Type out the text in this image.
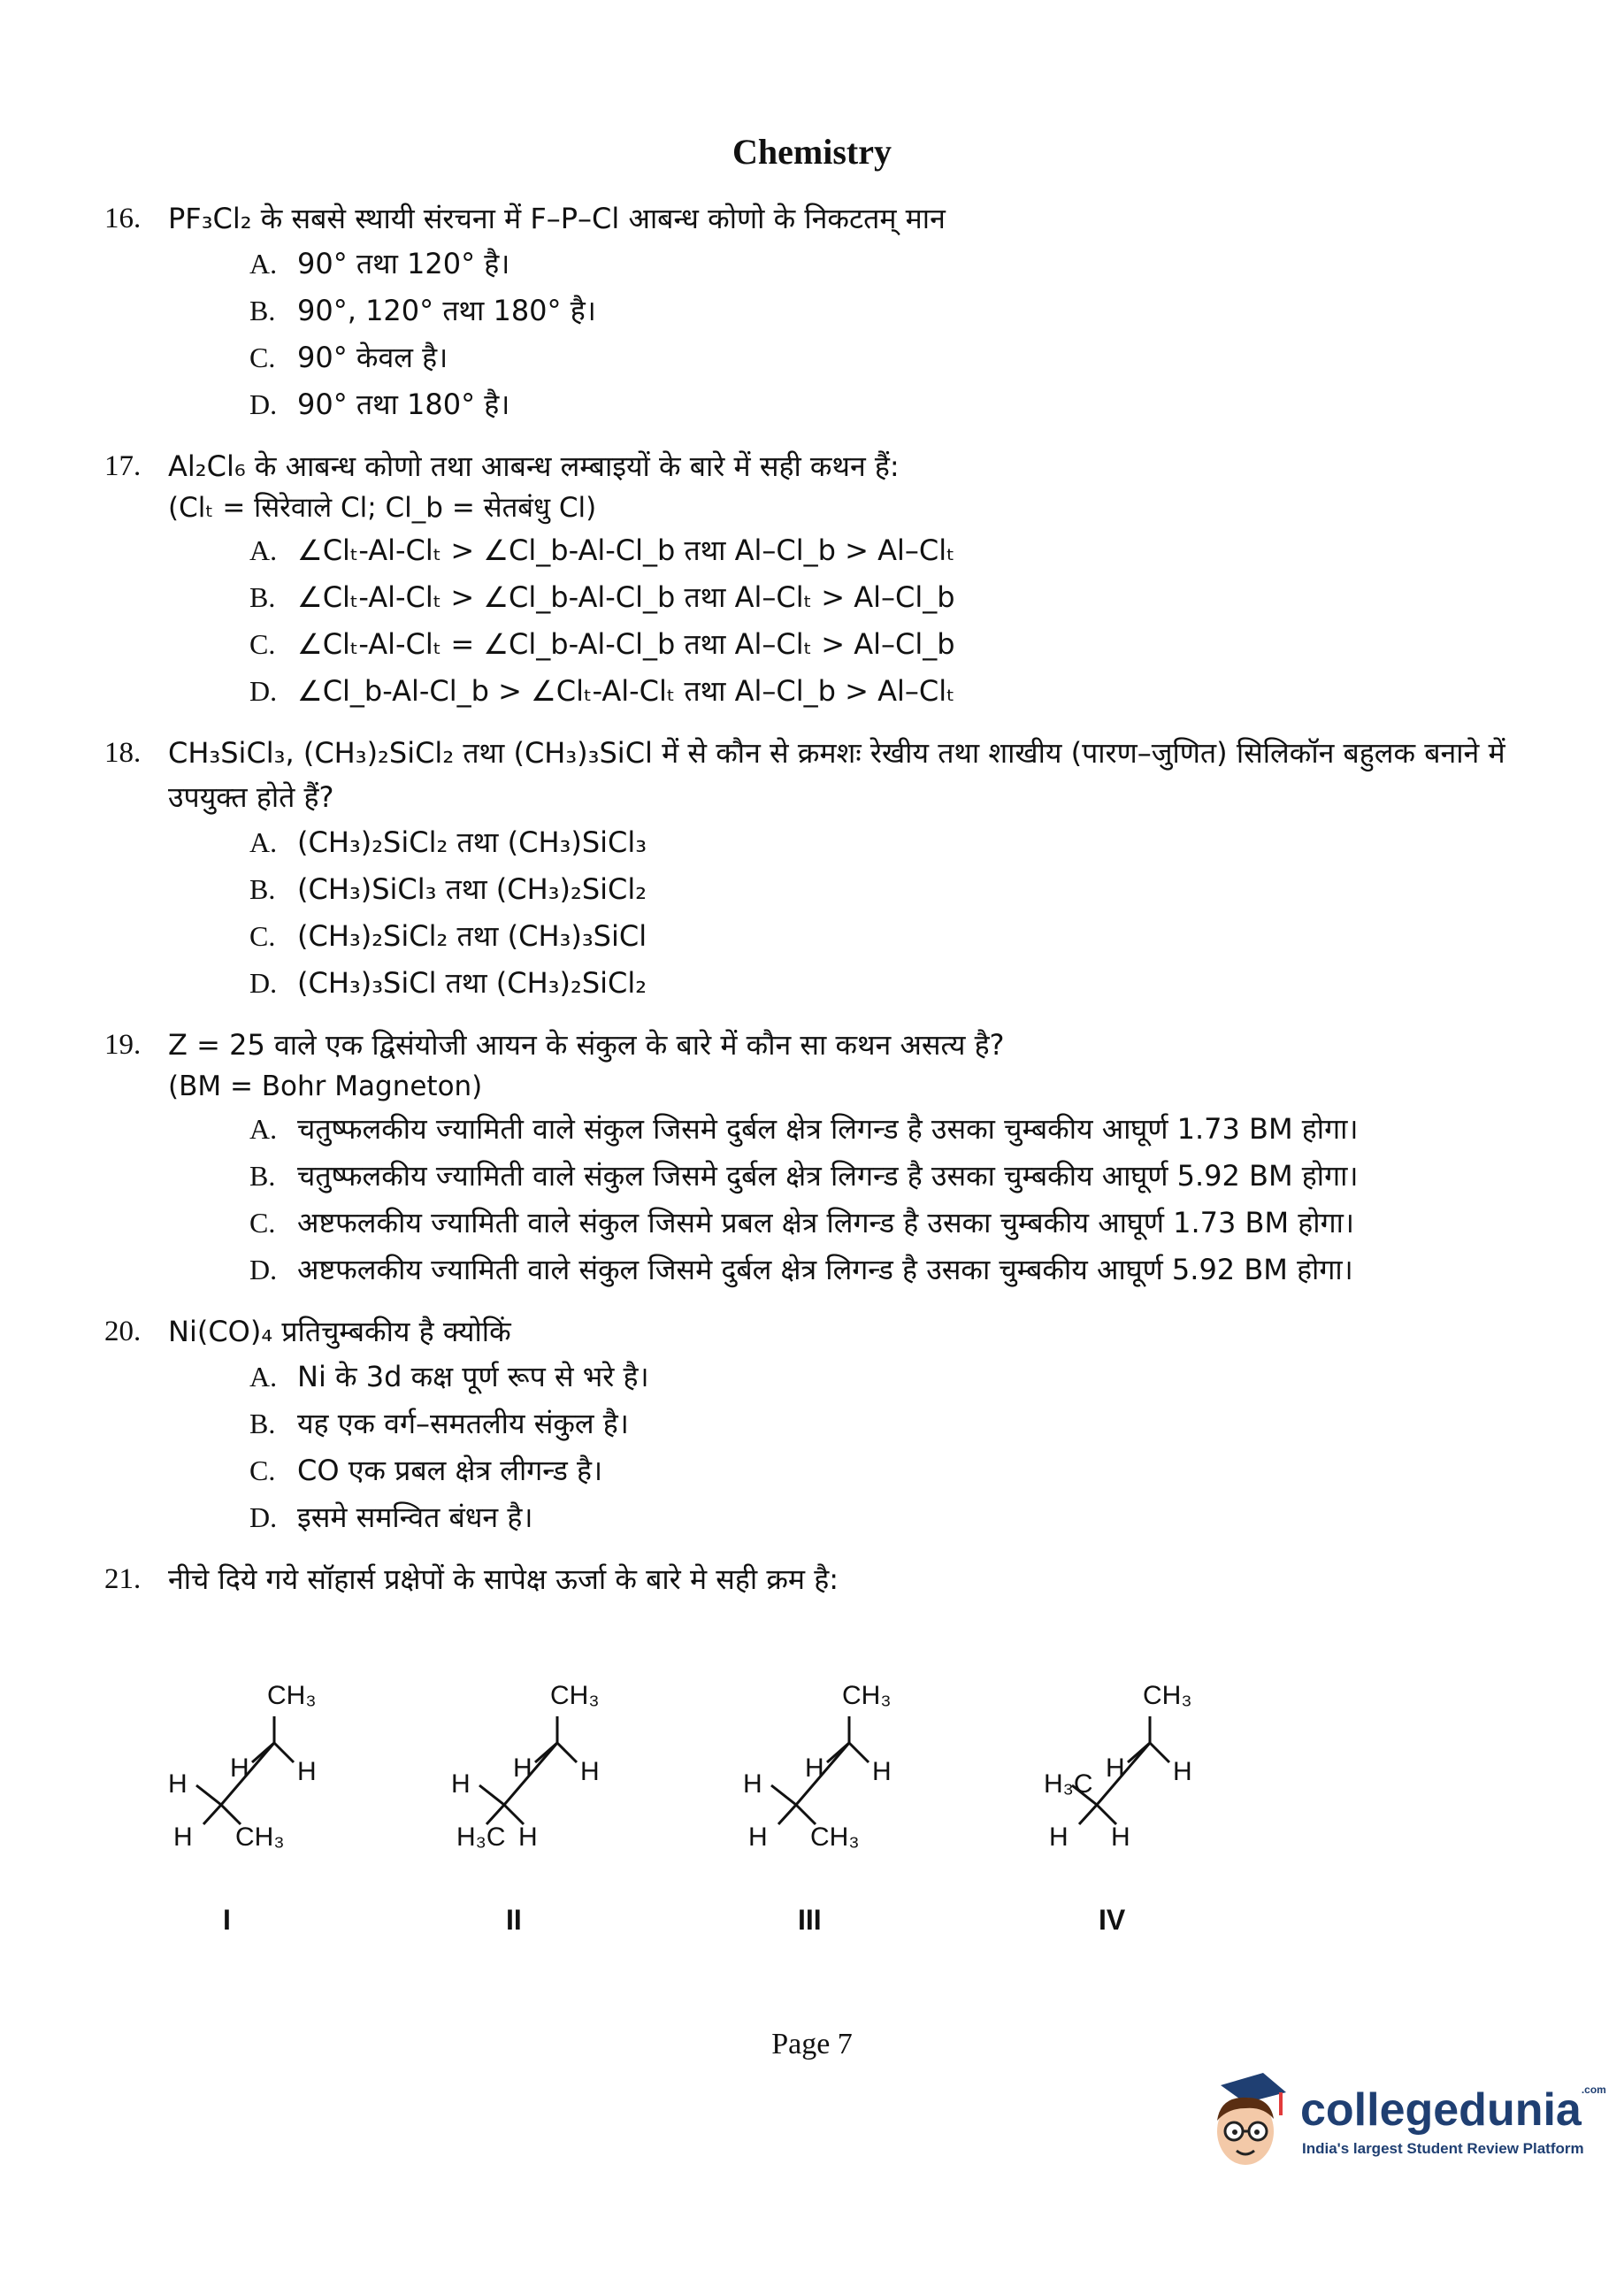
Chemistry
16. PF₃Cl₂ के सबसे स्थायी संरचना में F–P–Cl आबन्ध कोणो के निकटतम् मान
A. 90° तथा 120° है।
B. 90°, 120° तथा 180° है।
C. 90° केवल है।
D. 90° तथा 180° है।
17. Al₂Cl₆ के आबन्ध कोणो तथा आबन्ध लम्बाइयों के बारे में सही कथन हैं:
(Clₜ = सिरेवाले Cl; Cl_b = सेतबंधु Cl)
A. ∠Clₜ-Al-Clₜ > ∠Cl_b-Al-Cl_b तथा Al–Cl_b > Al–Clₜ
B. ∠Clₜ-Al-Clₜ > ∠Cl_b-Al-Cl_b तथा Al–Clₜ > Al–Cl_b
C. ∠Clₜ-Al-Clₜ = ∠Cl_b-Al-Cl_b तथा Al–Clₜ > Al–Cl_b
D. ∠Cl_b-Al-Cl_b > ∠Clₜ-Al-Clₜ तथा Al–Cl_b > Al–Clₜ
18. CH₃SiCl₃, (CH₃)₂SiCl₂ तथा (CH₃)₃SiCl में से कौन से क्रमशः रेखीय तथा शाखीय (पारण–जुणित) सिलिकॉन बहुलक बनाने में उपयुक्त होते हैं?
A. (CH₃)₂SiCl₂ तथा (CH₃)SiCl₃
B. (CH₃)SiCl₃ तथा (CH₃)₂SiCl₂
C. (CH₃)₂SiCl₂ तथा (CH₃)₃SiCl
D. (CH₃)₃SiCl तथा (CH₃)₂SiCl₂
19. Z = 25 वाले एक द्विसंयोजी आयन के संकुल के बारे में कौन सा कथन असत्य है?
(BM = Bohr Magneton)
A. चतुष्फलकीय ज्यामिती वाले संकुल जिसमे दुर्बल क्षेत्र लिगन्ड है उसका चुम्बकीय आघूर्ण 1.73 BM होगा।
B. चतुष्फलकीय ज्यामिती वाले संकुल जिसमे दुर्बल क्षेत्र लिगन्ड है उसका चुम्बकीय आघूर्ण 5.92 BM होगा।
C. अष्टफलकीय ज्यामिती वाले संकुल जिसमे प्रबल क्षेत्र लिगन्ड है उसका चुम्बकीय आघूर्ण 1.73 BM होगा।
D. अष्टफलकीय ज्यामिती वाले संकुल जिसमे दुर्बल क्षेत्र लिगन्ड है उसका चुम्बकीय आघूर्ण 5.92 BM होगा।
20. Ni(CO)₄ प्रतिचुम्बकीय है क्योकिं
A. Ni के 3d कक्ष पूर्ण रूप से भरे है।
B. यह एक वर्ग–समतलीय संकुल है।
C. CO एक प्रबल क्षेत्र लीगन्ड है।
D. इसमे समन्वित बंधन है।
21. नीचे दिये गये सॉहार्स प्रक्षेपों के सापेक्ष ऊर्जा के बारे मे सही क्रम है:
CH₃
H H
H
H CH₃
I
CH₃
H H
H
H₃C H
II
CH₃
H H
H
H CH₃
III
CH₃
H H
H₃C
H H
IV
Page 7
collegedunia$^{.com}$
India's largest Student Review Platform
